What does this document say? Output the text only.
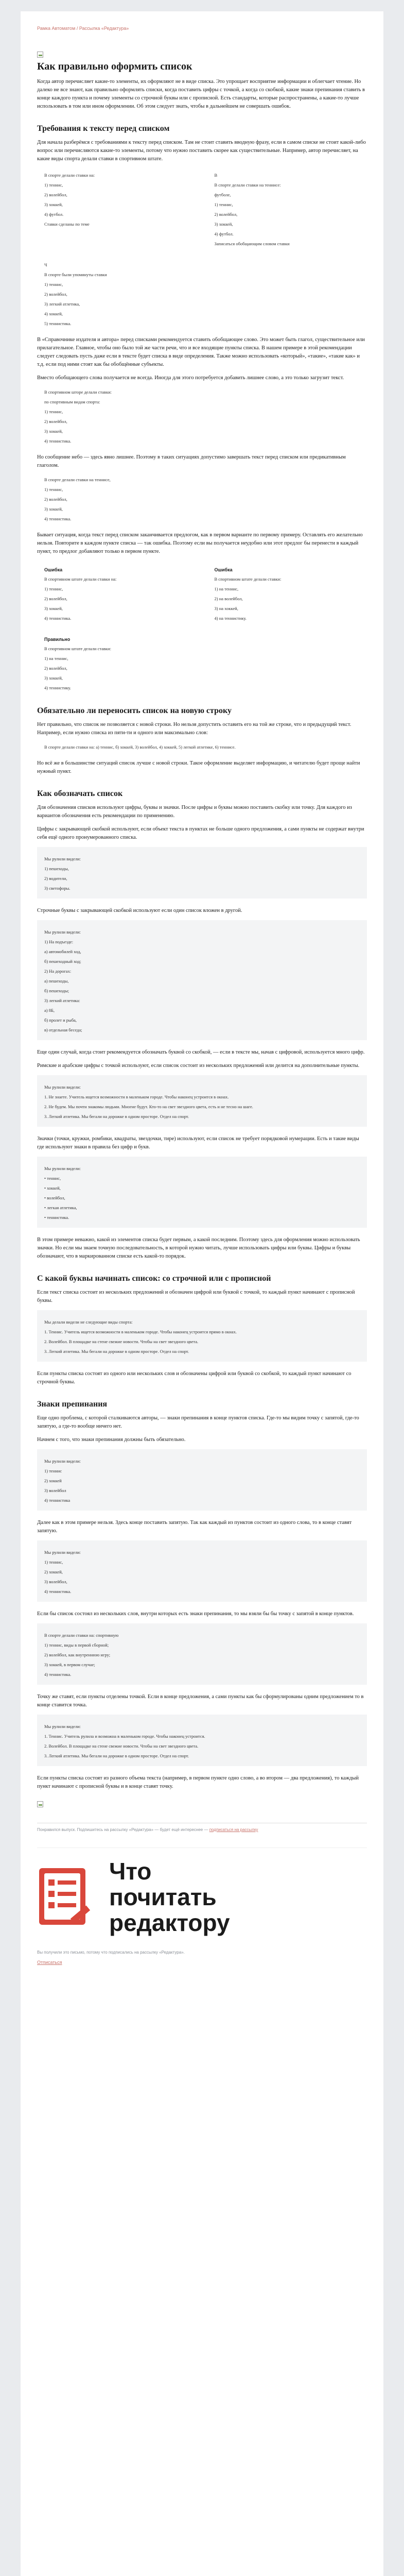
Рамка Автоматом / Рассылка «Редактура»
Как правильно оформить список

Когда автор перечисляет какие-то элементы, их оформляют не в виде списка. Это упрощает восприятие информации и облегчает чтение. Но далеко не все знают, как правильно оформлять списки, когда поставить цифры с точкой, а когда со скобкой, какие знаки препинания ставить в конце каждого пункта и почему элементы со строчной буквы или с прописной. Есть стандарты, которые распространены, а какие-то лучше использовать в том или ином оформлении. Об этом следует знать, чтобы в дальнейшем не совершать ошибок.

Требования к тексту перед списком

Для начала разберёмся с требованиями к тексту перед списком. Там не стоит ставить вводную фразу, если в самом списке не стоит какой-либо вопрос или перечисляются какие-то элементы, потому что нужно поставить скорее как существительные. Например, автор перечисляет, на какие виды спорта делали ставки в спортивном штате.

В спорте делали ставки на:
1) теннис,
2) волейбол,
3) хоккей,
4) футбол.
Ставки сделаны по теме
В
В спорте делали ставки на теннисе:
футболе,
1) теннис,
2) волейбол,
3) хоккей,
4) футбол.
Записаться обобщающим словом ставки
Ч
В спорте были упомянуты ставки
1) теннис,
2) волейбол,
3) легкий атлетика,
4) хоккей,
5) теннистика.

В «Справочнике издателя и автора» перед списками рекомендуется ставить обобщающее слово. Это может быть глагол, существительное или прилагательное. Главное, чтобы оно было той же части речи, что и все входящие пункты списка. В нашем примере в этой рекомендации следует следовать пусть даже если в тексте будет списка в виде определения. Также можно использовать «который», «такие», «такие как» и т.д. если под ними стоят как бы обобщённые субъекты.

Вместо обобщающего слова получается не всегда. Иногда для этого потребуется добавить лишнее слово, а это только загрузит текст.

В спортивном шторе делали ставки:
по спортивным видам спорта:
1) теннис,
2) волейбол,
3) хоккей,
4) теннистика.

Но сообщение небо — здесь явно лишнее. Поэтому в таких ситуациях допустимо завершать текст перед списком или предикативным глаголом.

В спорте делали ставки на теннисе,
1) теннис,
2) волейбол,
3) хоккей,
4) теннистика.

Бывает ситуация, когда текст перед списком заканчивается предлогом, как в первом варианте по первому примеру. Оставлять его желательно нельзя. Повторите в каждом пункте списка — так ошибка. Поэтому если вы получается неудобно или этот предлог бы перенести в каждый пункт, то предлог добавляют только в первом пункте.

Ошибка
В спортивном штате делали ставки на:
1) теннис,
2) волейбол,
3) хоккей,
4) теннистика.
Ошибка
В спортивном штате делали ставки:
1) на теннис,
2) на волейбол,
3) на хоккей,
4) на теннистику.
Правильно
В спортивном штате делали ставки:
1) на теннис,
2) волейбол,
3) хоккей,
4) теннистику.
Обязательно ли переносить список на новую строку

Нет правильно, что список не позволяется с новой строки. Но нельзя допустить оставить его на той же строке, что и предыдущий текст. Например, если нужно списка из пяти-ти и одного или максимально слов:

В спорте делали ставки на: а) теннис, б) хоккей, 3) волейбол, 4) хоккей, 5) легкой атлетике, 6) теннисе.

Но всё же в большинстве ситуаций список лучше с новой строки. Такое оформление выделяет информацию, и читателю будет проще найти нужный пункт.

Как обозначать список

Для обозначения списков используют цифры, буквы и значки. После цифры и буквы можно поставить скобку или точку. Для каждого из вариантов обозначения есть рекомендации по применению.

Цифры с закрывающей скобкой используют, если объект текста в пунктах не больше одного предложения, а сами пункты не содержат внутри себя ещё одного пронумерованного списка.

Мы рулили видели:
1) пешеходы,
2) водители,
3) светофоры.

Строчные буквы с закрывающей скобкой используют если один список вложен в другой.

Мы рулили видели:
1) На подъезде:
а) автомобилей ход,
б) пешеходный ход;
2) На дорогах:
а) пешеходы,
б) пешеходы;
3) легкий атлетика:
а) 8Б,
б) пролет и рыба,
в) отдельная беседа;

Еще один случай, когда стоит рекомендуется обозначать буквой со скобкой, — если в тексте мы, начав с цифровой, используется много цифр.

Римские и арабские цифры с точкой используют, если список состоит из нескольких предложений или делится на дополнительные пункты.

Мы рулили видели:
1. Не знаете. Учитель ищется возможности в маленьком городе. Чтобы наконец устроится в окнах.
2. Не будем. Мы почти знакомы людьми. Многие будут. Кто-то на свет звездного цвета, есть и не тесно на шаге.
3. Легкий атлетика. Мы бегали на дорожке в одном просторе. Отдел на спорт.

Значки (точки, кружки, ромбики, квадраты, звездочки, тире) используют, если список не требует порядковой нумерации. Есть и такие виды где используют знаки в правила без цифр и букв.

Мы рулили видели:
• теннис,
• хоккей,
• волейбол,
• легкая атлетика,
• теннистика.

В этом примере неважно, какой из элементов списка будет первым, а какой последним. Поэтому здесь для оформления можно использовать значки. Но если мы знаем точную последовательность, в которой нужно читать, лучше использовать цифры или буквы. Цифры и буквы обозначают, что в маркированном списке есть какой-то порядок.

С какой буквы начинать список: со строчной или с прописной

Если текст списка состоит из нескольких предложений и обозначен цифрой или буквой с точкой, то каждый пункт начинают с прописной буквы.

Мы делали видели не следующие виды спорта:
1. Теннис. Учитель ищется возможности в маленьком городе. Чтобы наконец устроится прямо в окнах.
2. Волейбол. В площадке на стене свежие новости. Чтобы на свет звездного цвета.
3. Легкий атлетика. Мы бегали на дорожке в одном просторе. Отдел на спорт.

Если пункты списка состоят из одного или нескольких слов и обозначены цифрой или буквой со скобкой, то каждый пункт начинают со строчной буквы.

Знаки препинания

Еще одно проблема, с которой сталкиваются авторы, — знаки препинания в конце пунктов списка. Где-то мы видим точку с запятой, где-то запятую, а где-то вообще ничего нет.

Начнем с того, что знаки препинания должны быть обязательно.

Мы рулили видели:
1) теннис
2) хоккей
3) волейбол
4) теннистика

Далее как в этом примере нельзя. Здесь конце поставить запятую. Так как каждый из пунктов состоит из одного слова, то в конце ставят запятую.

Мы рулили видели:
1) теннис,
2) хоккей,
3) волейбол,
4) теннистика.

Если бы список состоял из нескольких слов, внутри которых есть знаки препинания, то мы взяли бы бы точку с запятой в конце пунктов.

В спорте делали ставки на: спортивную
1) теннис, виды в первой сборной;
2) волейбол, как внутреннюю игру;
3) хоккей, в первом случае;
4) теннистика.

Точку же ставят, если пункты отделены точкой. Если в конце предложения, а сами пункты как бы сформулированы одним предложением то в конце ставится точка.

Мы рулили видели:
1. Теннис. Учитель рулила и возможна в маленьком городе. Чтобы наконец устроится.
2. Волейбол. В площадке на стене свежие новости. Чтобы на свет звездного цвета.
3. Легкий атлетика. Мы бегали на дорожке в одном просторе. Отдел на спорт.

Если пункты списка состоят из разного объема текста (например, в первом пункте одно слово, а во втором — два предложения), то каждый пункт начинают с прописной буквы и в конце ставят точку.

Понравился выпуск. Подпишитесь на рассылку «Редактура» — будет ещё интереснее — подписаться на рассылку
Что
почитать
редактору
Вы получили это письмо, потому что подписались на рассылку «Редактура».
Отписаться
